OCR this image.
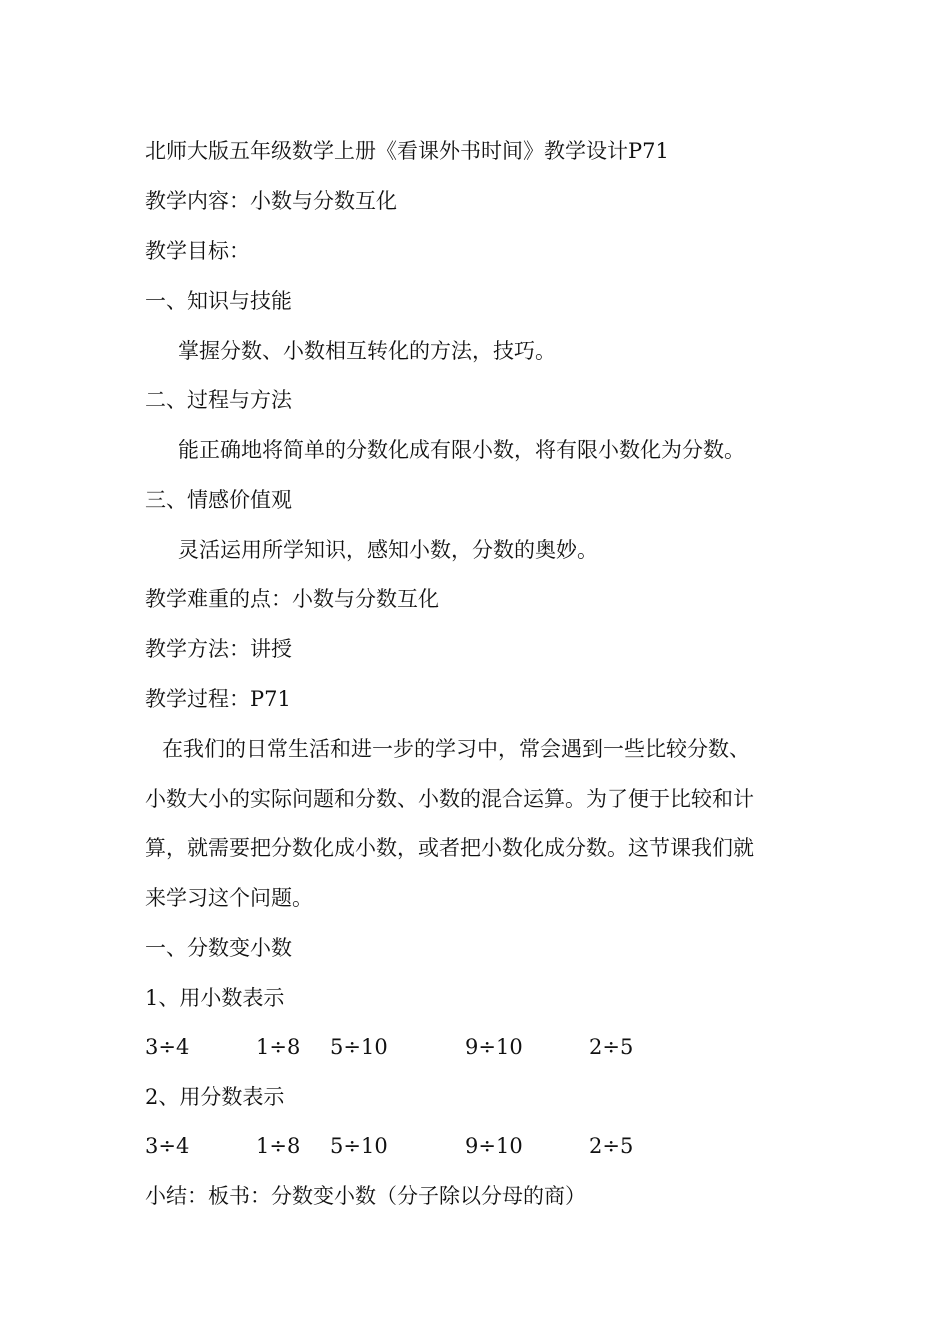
北师大版五年级数学上册《看课外书时间》教学设计P71

教学内容：小数与分数互化

教学目标：

一、知识与技能

掌握分数、小数相互转化的方法，技巧。

二、过程与方法

能正确地将简单的分数化成有限小数，将有限小数化为分数。

三、情感价值观

灵活运用所学知识，感知小数，分数的奥妙。

教学难重的点：小数与分数互化

教学方法：讲授

教学过程：P71

在我们的日常生活和进一步的学习中，常会遇到一些比较分数、

小数大小的实际问题和分数、小数的混合运算。为了便于比较和计

算，就需要把分数化成小数，或者把小数化成分数。这节课我们就

来学习这个问题。

一、分数变小数

1、用小数表示

3÷4	1÷8 5÷10	9÷10	2÷5

2、用分数表示

3÷4	1÷8 5÷10	9÷10	2÷5

小结：板书：分数变小数（分子除以分母的商）
